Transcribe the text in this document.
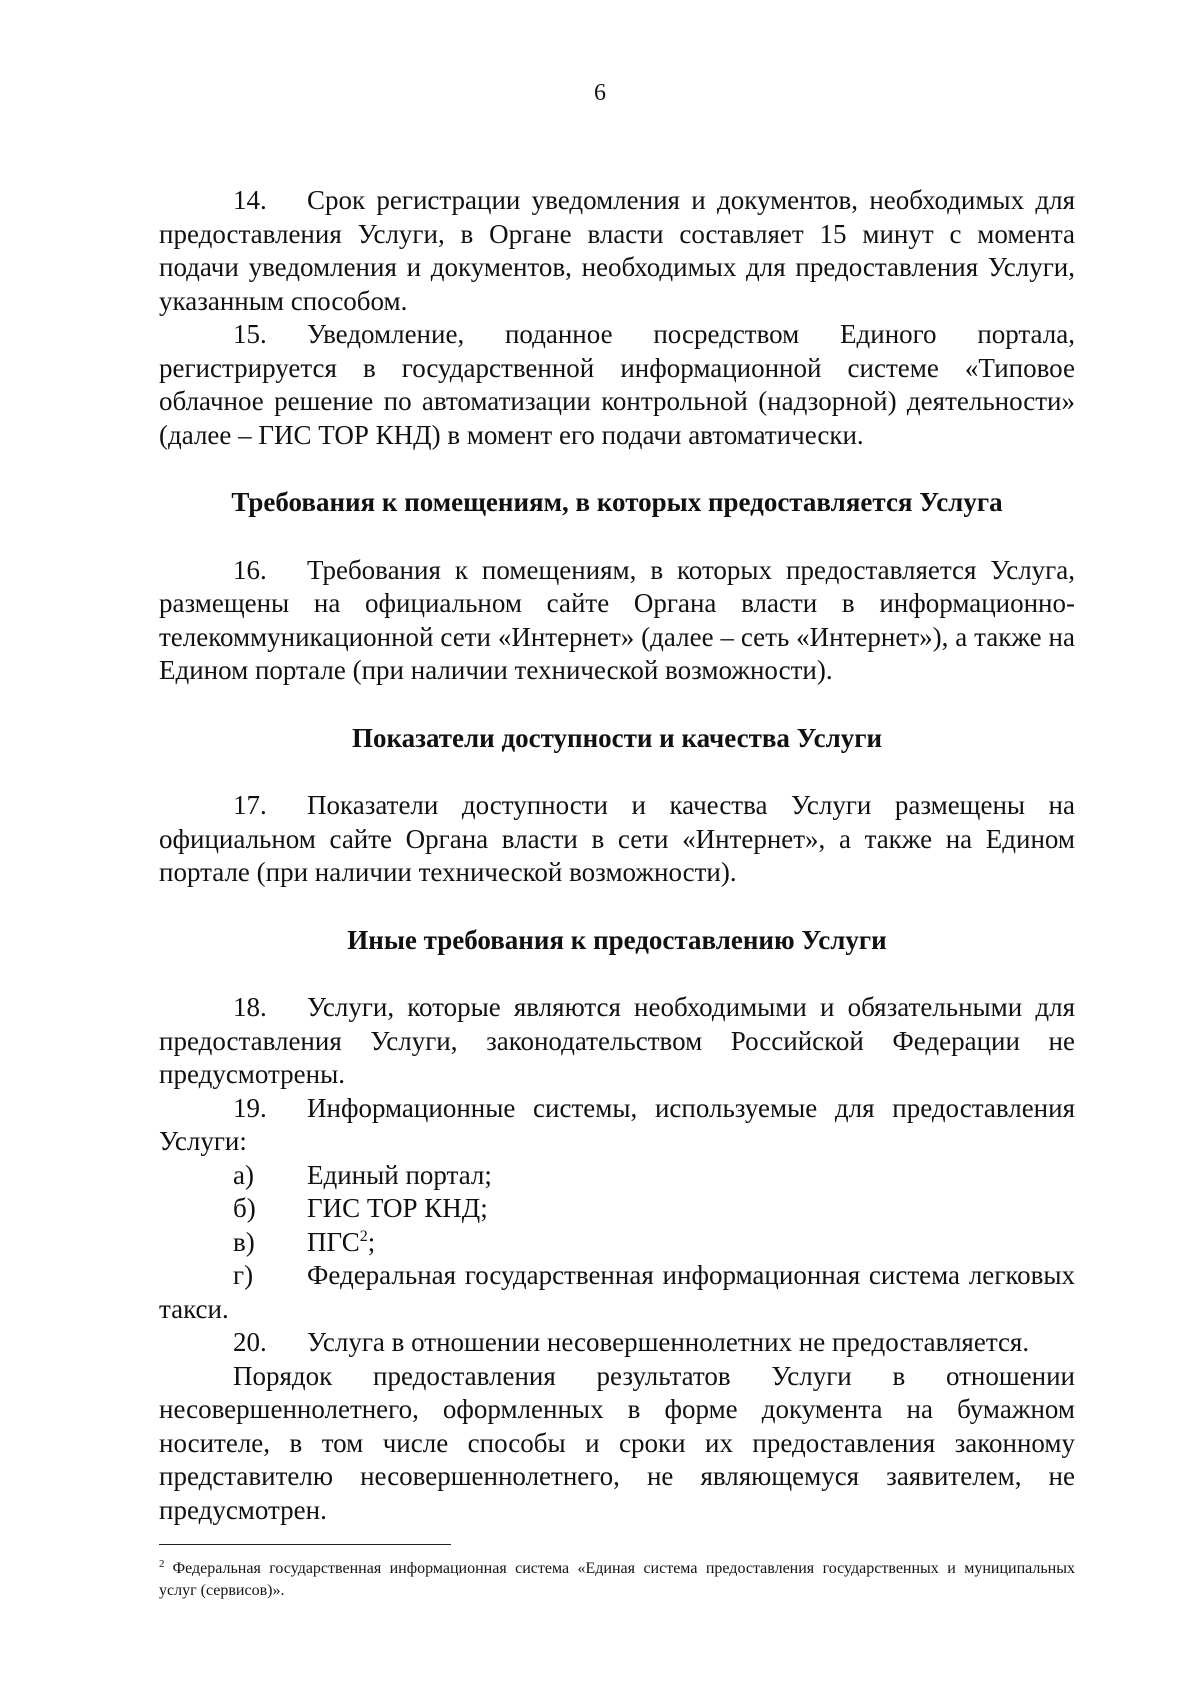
6

14. Срок регистрации уведомления и документов, необходимых для предоставления Услуги, в Органе власти составляет 15 минут с момента подачи уведомления и документов, необходимых для предоставления Услуги, указанным способом.

15. Уведомление, поданное посредством Единого портала, регистрируется в государственной информационной системе «Типовое облачное решение по автоматизации контрольной (надзорной) деятельности» (далее – ГИС ТОР КНД) в момент его подачи автоматически.

Требования к помещениям, в которых предоставляется Услуга

16. Требования к помещениям, в которых предоставляется Услуга, размещены на официальном сайте Органа власти в информационно-телекоммуникационной сети «Интернет» (далее – сеть «Интернет»), а также на Едином портале (при наличии технической возможности).

Показатели доступности и качества Услуги

17. Показатели доступности и качества Услуги размещены на официальном сайте Органа власти в сети «Интернет», а также на Едином портале (при наличии технической возможности).

Иные требования к предоставлению Услуги

18. Услуги, которые являются необходимыми и обязательными для предоставления Услуги, законодательством Российской Федерации не предусмотрены.

19. Информационные системы, используемые для предоставления Услуги:

а) Единый портал;

б) ГИС ТОР КНД;

в) ПГС$^2$;

г) Федеральная государственная информационная система легковых такси.

20. Услуга в отношении несовершеннолетних не предоставляется.

Порядок предоставления результатов Услуги в отношении несовершеннолетнего, оформленных в форме документа на бумажном носителе, в том числе способы и сроки их предоставления законному представителю несовершеннолетнего, не являющемуся заявителем, не предусмотрен.

$^2$ Федеральная государственная информационная система «Единая система предоставления государственных и муниципальных услуг (сервисов)».
